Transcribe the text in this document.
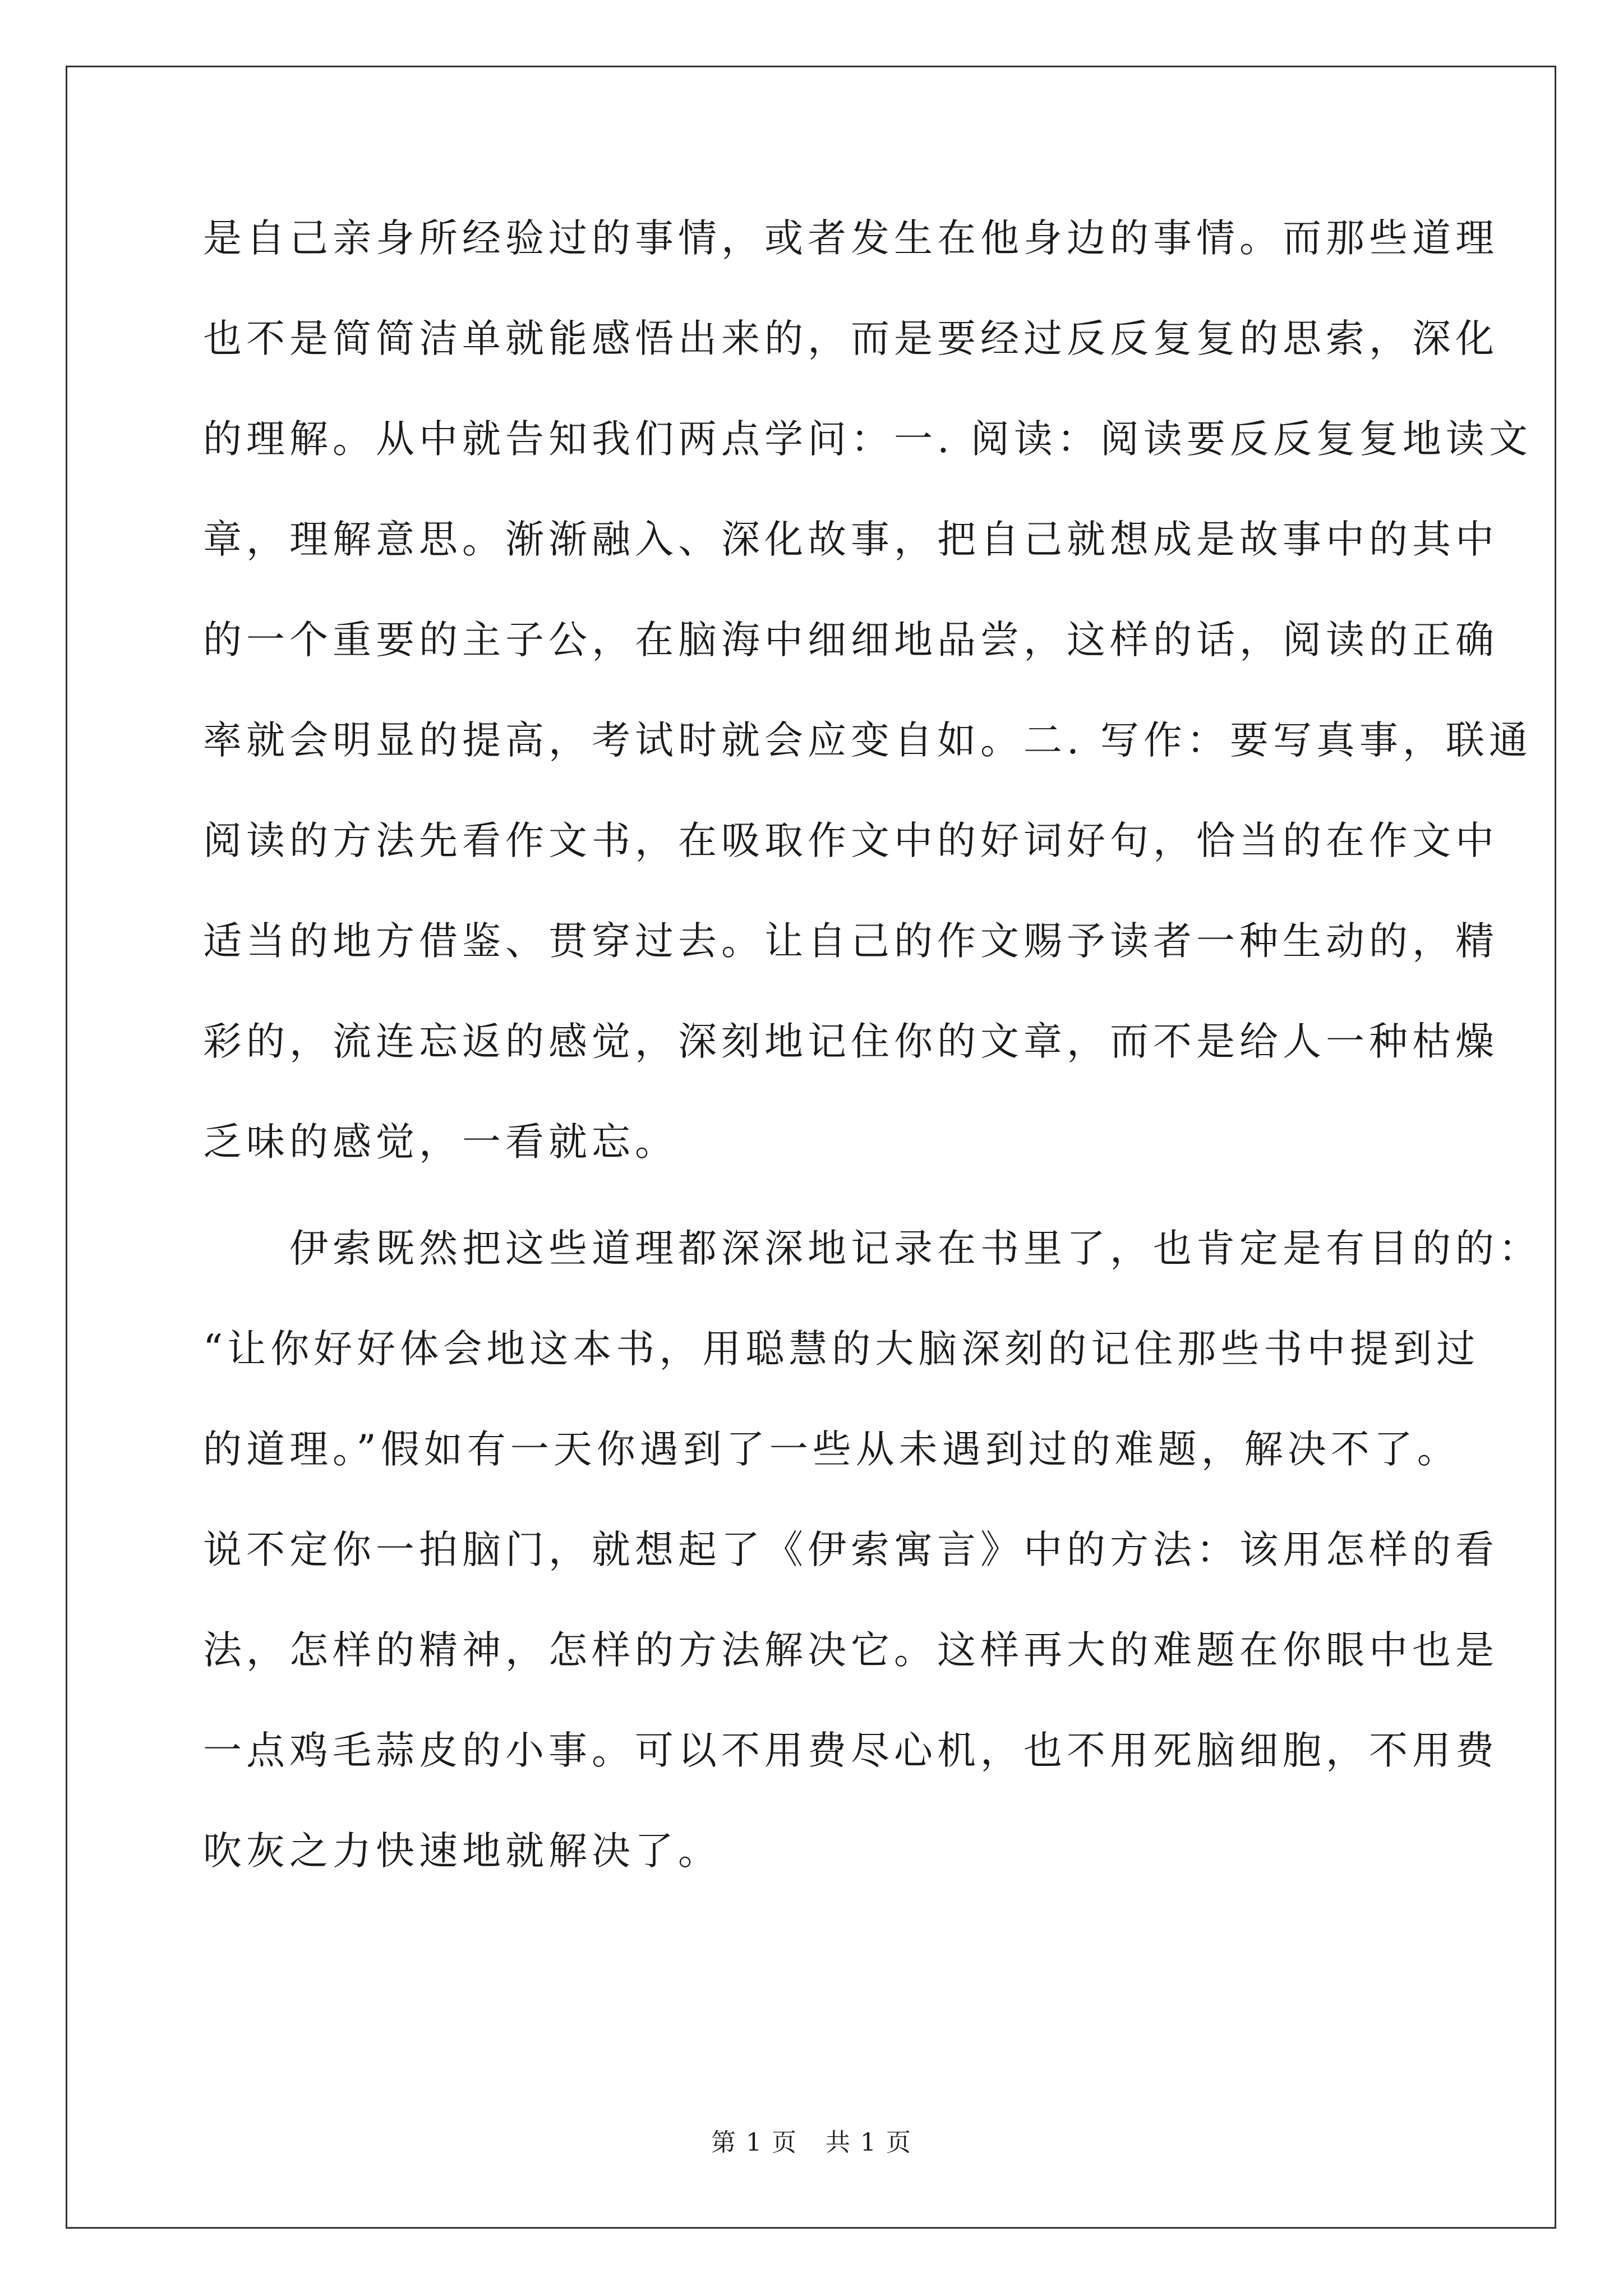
是自己亲身所经验过的事情，或者发生在他身边的事情。而那些道理
也不是简简洁单就能感悟出来的，而是要经过反反复复的思索，深化
的理解。从中就告知我们两点学问：一. 阅读：阅读要反反复复地读文
章，理解意思。渐渐融入、深化故事，把自己就想成是故事中的其中
的一个重要的主子公，在脑海中细细地品尝，这样的话，阅读的正确
率就会明显的提高，考试时就会应变自如。二. 写作：要写真事，联通
阅读的方法先看作文书，在吸取作文中的好词好句，恰当的在作文中
适当的地方借鉴、贯穿过去。让自己的作文赐予读者一种生动的，精
彩的，流连忘返的感觉，深刻地记住你的文章，而不是给人一种枯燥
乏味的感觉，一看就忘。
　　伊索既然把这些道理都深深地记录在书里了，也肯定是有目的的：
“让你好好体会地这本书，用聪慧的大脑深刻的记住那些书中提到过
的道理。”假如有一天你遇到了一些从未遇到过的难题，解决不了。
说不定你一拍脑门，就想起了《伊索寓言》中的方法：该用怎样的看
法，怎样的精神，怎样的方法解决它。这样再大的难题在你眼中也是
一点鸡毛蒜皮的小事。可以不用费尽心机，也不用死脑细胞，不用费
吹灰之力快速地就解决了。
第 1 页 共 1 页
